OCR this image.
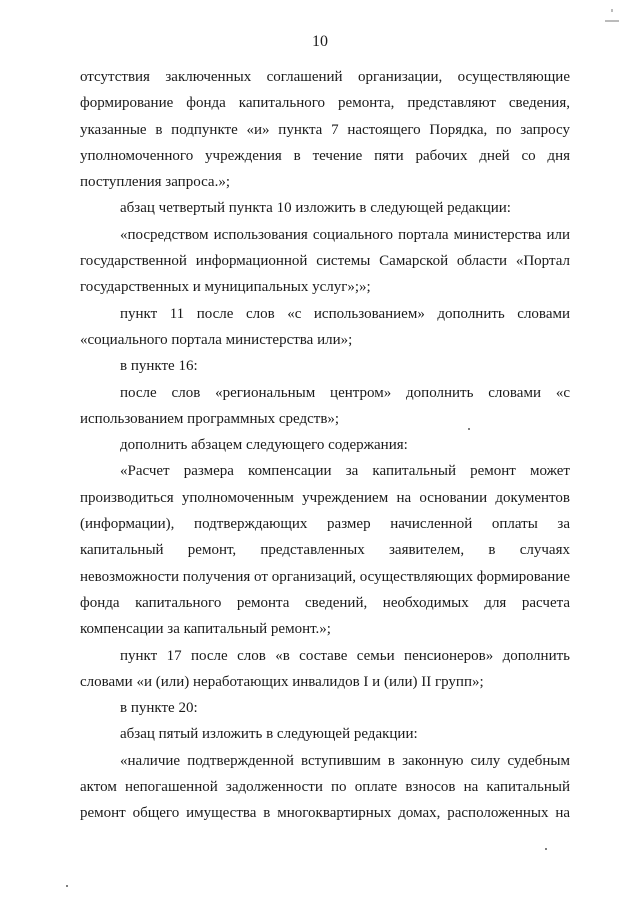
10

отсутствия заключенных соглашений организации, осуществляющие формирование фонда капитального ремонта, представляют сведения, указанные в подпункте «и» пункта 7 настоящего Порядка, по запросу уполномоченного учреждения в течение пяти рабочих дней со дня поступления запроса.»;

абзац четвертый пункта 10 изложить в следующей редакции:

«посредством использования социального портала министерства или государственной информационной системы Самарской области «Портал государственных и муниципальных услуг»;»;

пункт 11 после слов «с использованием» дополнить словами «социального портала министерства или»;

в пункте 16:

после слов «региональным центром» дополнить словами «с использованием программных средств»;

дополнить абзацем следующего содержания:

«Расчет размера компенсации за капитальный ремонт может производиться уполномоченным учреждением на основании документов (информации), подтверждающих размер начисленной оплаты за капитальный ремонт, представленных заявителем, в случаях невозможности получения от организаций, осуществляющих формирование фонда капитального ремонта сведений, необходимых для расчета компенсации за капитальный ремонт.»;

пункт 17 после слов «в составе семьи пенсионеров» дополнить словами «и (или) неработающих инвалидов I и (или) II групп»;

в пункте 20:

абзац пятый изложить в следующей редакции:

«наличие подтвержденной вступившим в законную силу судебным актом непогашенной задолженности по оплате взносов на капитальный ремонт общего имущества в многоквартирных домах, расположенных на
